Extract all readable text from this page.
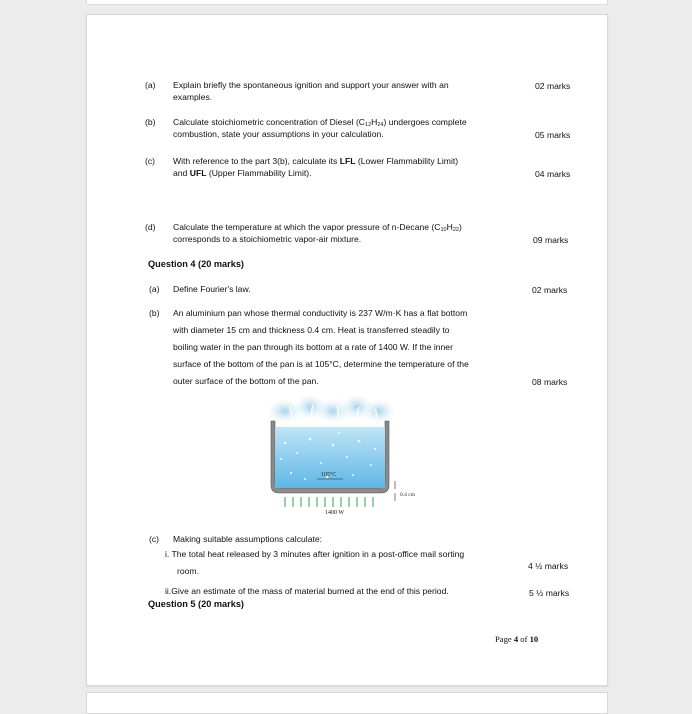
(a) Explain briefly the spontaneous ignition and support your answer with an
examples.
02 marks
(b) Calculate stoichiometric concentration of Diesel $(C_{12}H_{24})$ undergoes complete
combustion, state your assumptions in your calculation.	05 marks
(c) With reference to the part 3(b), calculate its LFL (Lower Flammability Limit)
and UFL (Upper Flammability Limit).	04 marks
(d) Calculate the temperature at which the vapor pressure of n-Decane $(C_{10}H_{22})$
corresponds to a stoichiometric vapor-air mixture.	09 marks
Question 4 (20 marks)
(a) Define Fourier's law.	02 marks
(b) An aluminium pan whose thermal conductivity is 237 W/m·K has a flat bottom
with diameter 15 cm and thickness 0.4 cm. Heat is transferred steadily to
boiling water in the pan through its bottom at a rate of 1400 W. If the inner
surface of the bottom of the pan is at 105°C, determine the temperature of the
outer surface of the bottom of the pan.	08 marks
105°C
0.4 cm
1400 W
(c) Making suitable assumptions calculate:
i. The total heat released by 3 minutes after ignition in a post-office mail sorting
room.	4 ½ marks
ii.Give an estimate of the mass of material burned at the end of this period.	5 ½ marks
Question 5 (20 marks)
Page 4 of 10
